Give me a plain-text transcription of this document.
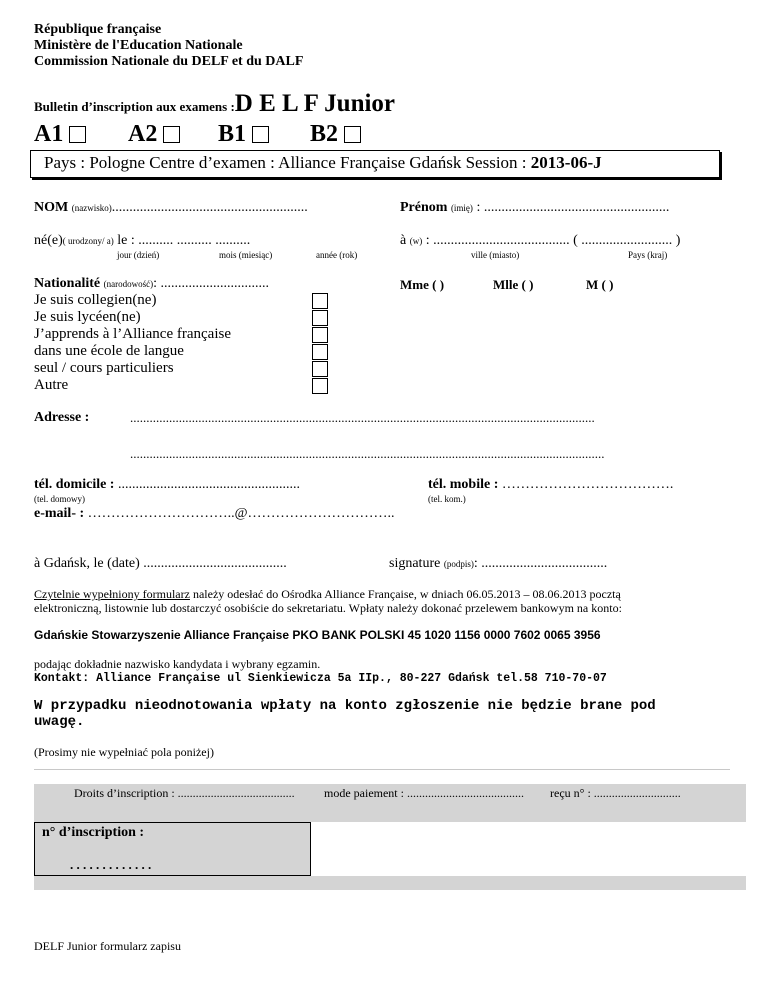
République française
Ministère de l'Education Nationale
Commission Nationale du DELF et du DALF
Bulletin d’inscription aux examens :D E L F Junior
A1	A2	B1	B2
Pays : Pologne Centre d’examen : Alliance Française Gdańsk Session : 2013-06-J
NOM (nazwisko)........................................................	Prénom (imię) : .....................................................
né(e)( urodzony/ a) le : .......... .......... ..........
jour (dzień)	mois (miesiąc)	année (rok)
à (w) : ....................................... ( .......................... )
ville (miasto)	Pays (kraj)
Nationalité (narodowość): ...............................	Mme ( )	Mlle ( )	M ( )
Je suis collegien(ne)
Je suis lycéen(ne)
J’apprends à l’Alliance française
dans une école de langue
seul / cours particuliers
Autre
Adresse :	...............................................................................................................................................
..................................................................................................................................................
tél. domicile : ....................................................
(tel. domowy)
tél. mobile : ……………………………….
(tel. kom.)
e-mail- : …………………………..@…………………………..
à Gdańsk, le (date) .........................................	signature (podpis): ....................................
Czytelnie wypełniony formularz należy odesłać do Ośrodka Alliance Française, w dniach 06.05.2013 – 08.06.2013 pocztą
elektroniczną, listownie lub dostarczyć osobiście do sekretariatu. Wpłaty należy dokonać przelewem bankowym na konto:
Gdańskie Stowarzyszenie Alliance Française PKO BANK POLSKI 45 1020 1156 0000 7602 0065 3956
podając dokładnie nazwisko kandydata i wybrany egzamin.
Kontakt: Alliance Française ul Sienkiewicza 5a IIp., 80-227 Gdańsk tel.58 710-70-07
W przypadku nieodnotowania wpłaty na konto zgłoszenie nie będzie brane pod
uwagę.
(Prosimy nie wypełniać pola poniżej)
Droits d’inscription : ....................................... mode paiement : ....................................... reçu n° : .............................
n° d’inscription :
. . . . . . . . . . . . .
DELF Junior formularz zapisu
